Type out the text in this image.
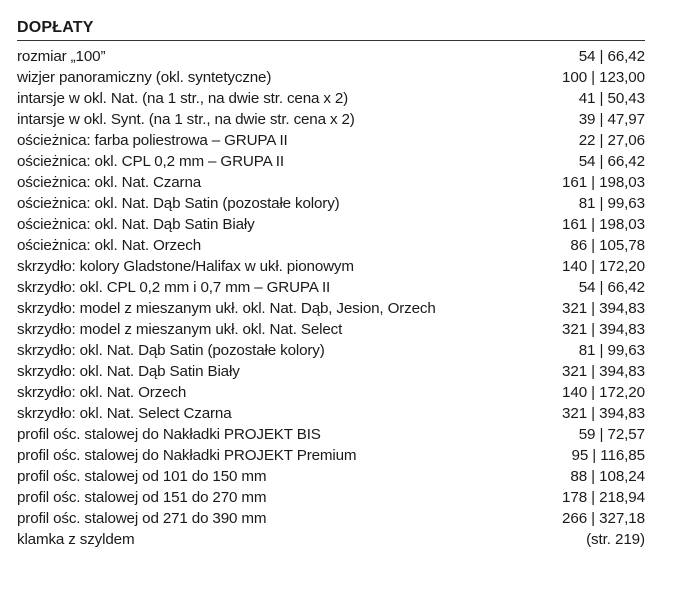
DOPŁATY
rozmiar „100”	54 | 66,42
wizjer panoramiczny (okl. syntetyczne)	100 | 123,00
intarsje w okl. Nat. (na 1 str., na dwie str. cena x 2)	41 | 50,43
intarsje w okl. Synt. (na 1 str., na dwie str. cena x 2)	39 | 47,97
ościeżnica: farba poliestrowa – GRUPA II	22 | 27,06
ościeżnica: okl. CPL 0,2 mm – GRUPA II	54 | 66,42
ościeżnica: okl. Nat. Czarna	161 | 198,03
ościeżnica: okl. Nat. Dąb Satin (pozostałe kolory)	81 | 99,63
ościeżnica: okl. Nat. Dąb Satin Biały	161 | 198,03
ościeżnica: okl. Nat. Orzech	86 | 105,78
skrzydło: kolory Gladstone/Halifax w ukł. pionowym	140 | 172,20
skrzydło: okl. CPL 0,2 mm i 0,7 mm – GRUPA II	54 | 66,42
skrzydło: model z mieszanym ukł. okl. Nat. Dąb, Jesion, Orzech	321 | 394,83
skrzydło: model z mieszanym ukł. okl. Nat. Select	321 | 394,83
skrzydło: okl. Nat. Dąb Satin (pozostałe kolory)	81 | 99,63
skrzydło: okl. Nat. Dąb Satin Biały	321 | 394,83
skrzydło: okl. Nat. Orzech	140 | 172,20
skrzydło: okl. Nat. Select Czarna	321 | 394,83
profil ośc. stalowej do Nakładki PROJEKT BIS	59 | 72,57
profil ośc. stalowej do Nakładki PROJEKT Premium	95 | 116,85
profil ośc. stalowej od 101 do 150 mm	88 | 108,24
profil ośc. stalowej od 151 do 270 mm	178 | 218,94
profil ośc. stalowej od 271 do 390 mm	266 | 327,18
klamka z szyldem	(str. 219)
